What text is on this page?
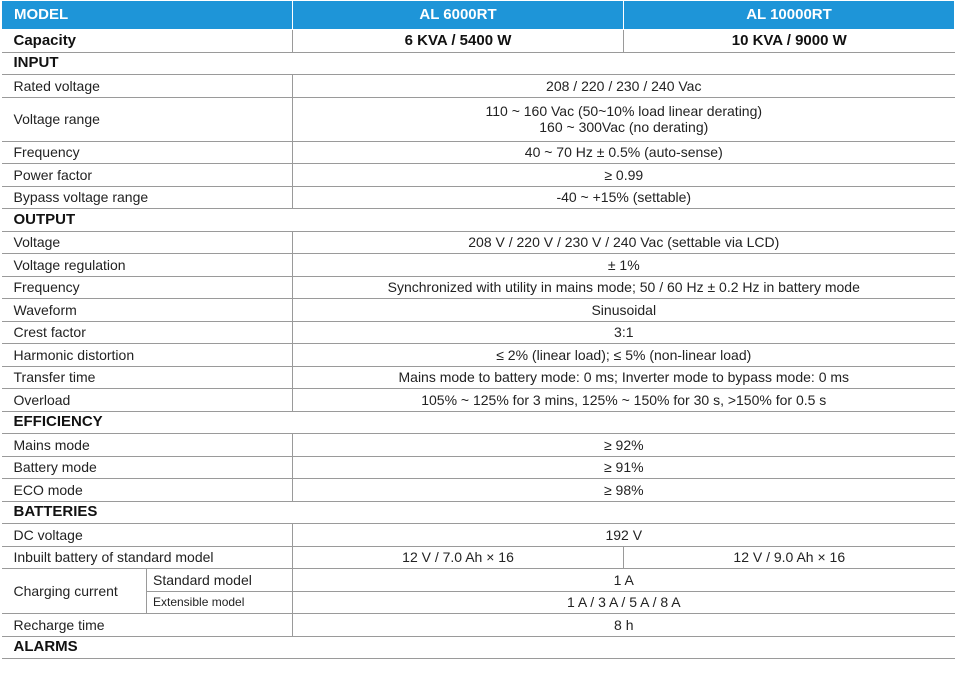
MODEL		AL 6000RT	AL 10000RT
Capacity		6 KVA / 5400 W	10 KVA / 9000 W
INPUT			
Rated voltage		208 / 220 / 230 / 240 Vac	
Voltage range		110 ~ 160 Vac (50~10% load linear derating)
160 ~ 300Vac (no derating)	

Frequency		40 ~ 70 Hz ± 0.5% (auto-sense)	
Power factor		≥ 0.99	
Bypass voltage range		-40 ~ +15% (settable)	
OUTPUT			
Voltage		208 V / 220 V / 230 V / 240 Vac (settable via LCD)	
Voltage regulation		± 1%	
Frequency		Synchronized with utility in mains mode; 50 / 60 Hz ± 0.2 Hz in battery mode	
Waveform		Sinusoidal	
Crest factor		3:1	
Harmonic distortion		≤ 2% (linear load); ≤ 5% (non-linear load)	
Transfer time		Mains mode to battery mode: 0 ms; Inverter mode to bypass mode: 0 ms	
Overload		105% ~ 125% for 3 mins, 125% ~ 150% for 30 s, >150% for 0.5 s	
EFFICIENCY			
Mains mode		≥ 92%	
Battery mode		≥ 91%	
ECO mode		≥ 98%	
BATTERIES			
DC voltage		192 V	
Inbuilt battery of standard model		12 V / 7.0 Ah × 16	12 V / 9.0 Ah × 16
Charging current	Standard model	1 A	
	Extensible model	1 A / 3 A / 5 A / 8 A	
Recharge time		8 h	
ALARMS			
